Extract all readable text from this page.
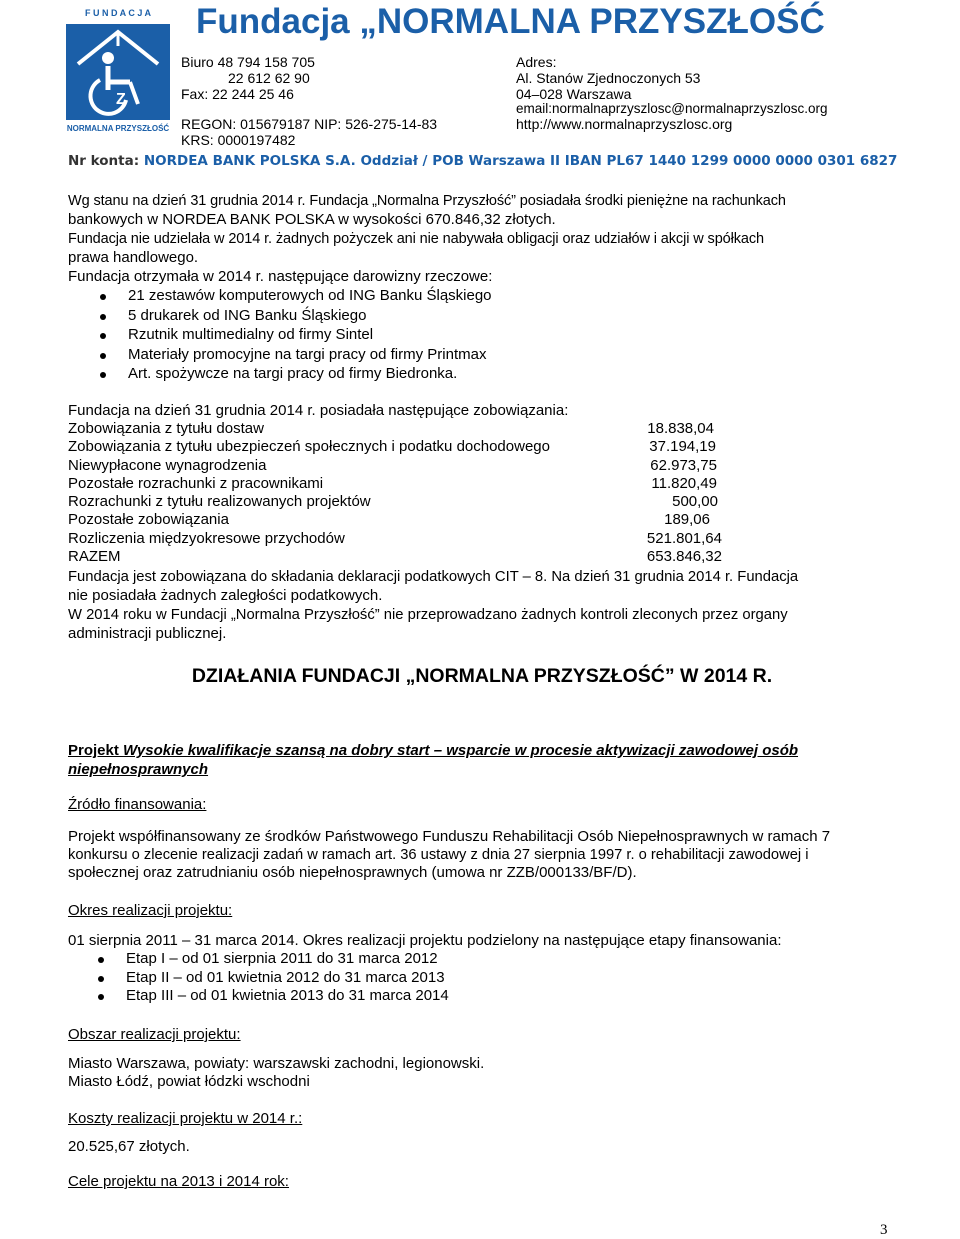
F U N D A C J A
Z
NORMALNA PRZYSZŁOŚĆ
Fundacja „NORMALNA PRZYSZŁOŚĆ
Biuro 48 794 158 705
22 612 62 90
Fax: 22 244 25 46
REGON: 015679187 NIP: 526-275-14-83
KRS: 0000197482
Adres:
Al. Stanów Zjednoczonych 53
04–028 Warszawa
email:normalnaprzyszlosc@normalnaprzyszlosc.org
http://www.normalnaprzyszlosc.org
Nr konta: NORDEA BANK POLSKA S.A. Oddział / POB Warszawa II IBAN PL67 1440 1299 0000 0000 0301 6827
Wg stanu na dzień 31 grudnia 2014 r. Fundacja „Normalna Przyszłość” posiadała środki pieniężne na rachunkach
bankowych w NORDEA BANK POLSKA w wysokości 670.846,32 złotych.
Fundacja nie udzielała w 2014 r. żadnych pożyczek ani nie nabywała obligacji oraz udziałów i akcji w spółkach
prawa handlowego.
Fundacja otrzymała w 2014 r. następujące darowizny rzeczowe:
21 zestawów komputerowych od ING Banku Śląskiego
5 drukarek od ING Banku Śląskiego
Rzutnik multimedialny od firmy Sintel
Materiały promocyjne na targi pracy od firmy Printmax
Art. spożywcze na targi pracy od firmy Biedronka.
Fundacja na dzień 31 grudnia 2014 r. posiadała następujące zobowiązania:
Zobowiązania z tytułu dostaw	18.838,04
Zobowiązania z tytułu ubezpieczeń społecznych i podatku dochodowego	37.194,19
Niewypłacone wynagrodzenia	62.973,75
Pozostałe rozrachunki z pracownikami	11.820,49
Rozrachunki z tytułu realizowanych projektów	500,00
Pozostałe zobowiązania	189,06
Rozliczenia międzyokresowe przychodów	521.801,64
RAZEM	653.846,32
Fundacja jest zobowiązana do składania deklaracji podatkowych CIT – 8. Na dzień 31 grudnia 2014 r. Fundacja
nie posiadała żadnych zaległości podatkowych.
W 2014 roku w Fundacji „Normalna Przyszłość” nie przeprowadzano żadnych kontroli zleconych przez organy
administracji publicznej.
DZIAŁANIA FUNDACJI „NORMALNA PRZYSZŁOŚĆ” W 2014 R.
Projekt Wysokie kwalifikacje szansą na dobry start – wsparcie w procesie aktywizacji zawodowej osób
niepełnosprawnych
Źródło finansowania:
Projekt współfinansowany ze środków Państwowego Funduszu Rehabilitacji Osób Niepełnosprawnych w ramach 7
konkursu o zlecenie realizacji zadań w ramach art. 36 ustawy z dnia 27 sierpnia 1997 r. o rehabilitacji zawodowej i
społecznej oraz zatrudnianiu osób niepełnosprawnych (umowa nr ZZB/000133/BF/D).
Okres realizacji projektu:
01 sierpnia 2011 – 31 marca 2014. Okres realizacji projektu podzielony na następujące etapy finansowania:
Etap I – od 01 sierpnia 2011 do 31 marca 2012
Etap II – od 01 kwietnia 2012 do 31 marca 2013
Etap III – od 01 kwietnia 2013 do 31 marca 2014
Obszar realizacji projektu:
Miasto Warszawa, powiaty: warszawski zachodni, legionowski.
Miasto Łódź, powiat łódzki wschodni
Koszty realizacji projektu w 2014 r.:
20.525,67 złotych.
Cele projektu na 2013 i 2014 rok:
3
